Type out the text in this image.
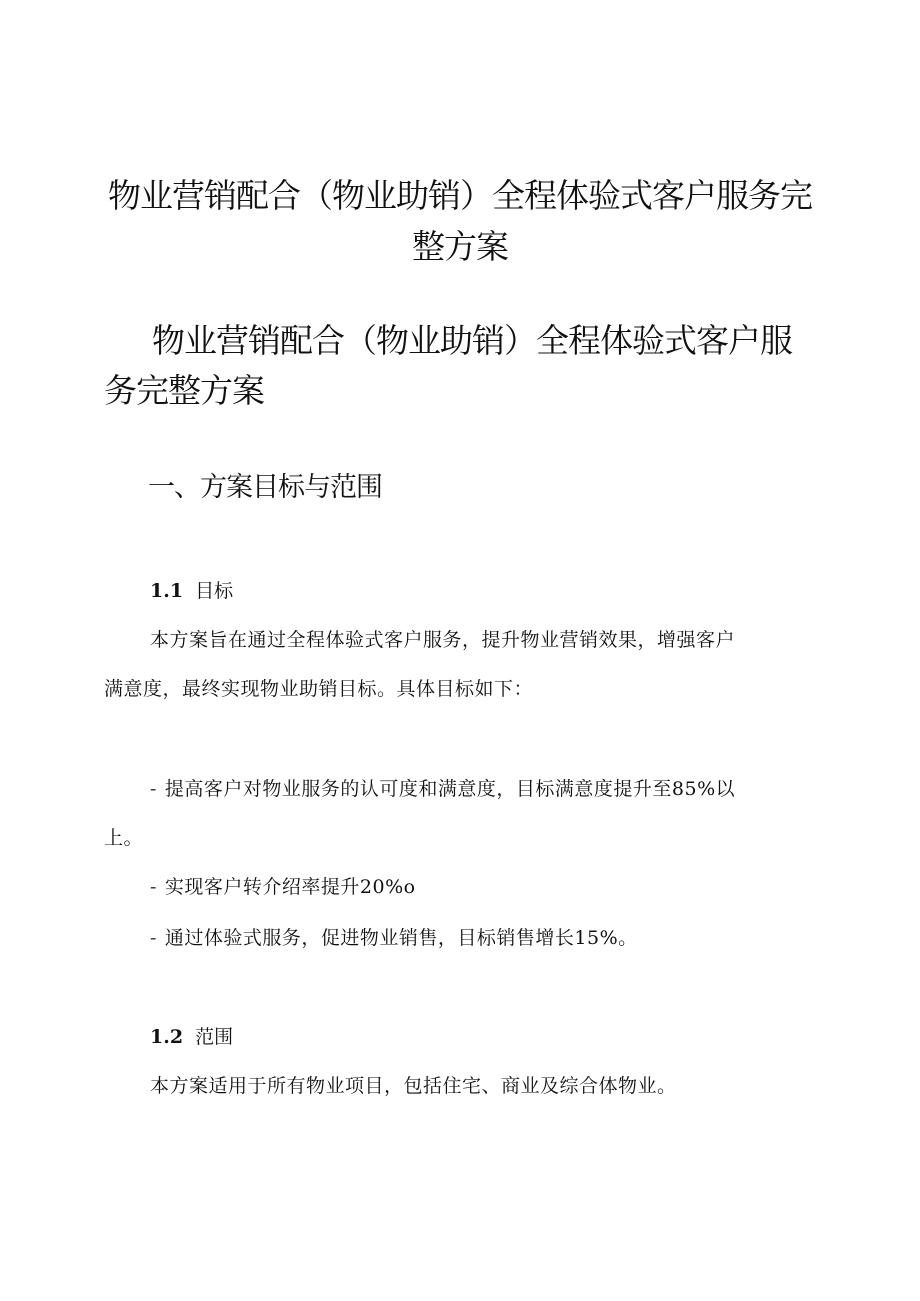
物业营销配合（物业助销）全程体验式客户服务完整方案
物业营销配合（物业助销）全程体验式客户服务完整方案
一、方案目标与范围
1.1 目标

本方案旨在通过全程体验式客户服务，提升物业营销效果，增强客户满意度，最终实现物业助销目标。具体目标如下：

- 提高客户对物业服务的认可度和满意度，目标满意度提升至85%以上。

- 实现客户转介绍率提升20%o

- 通过体验式服务，促进物业销售，目标销售增长15%。

1.2 范围

本方案适用于所有物业项目，包括住宅、商业及综合体物业。
